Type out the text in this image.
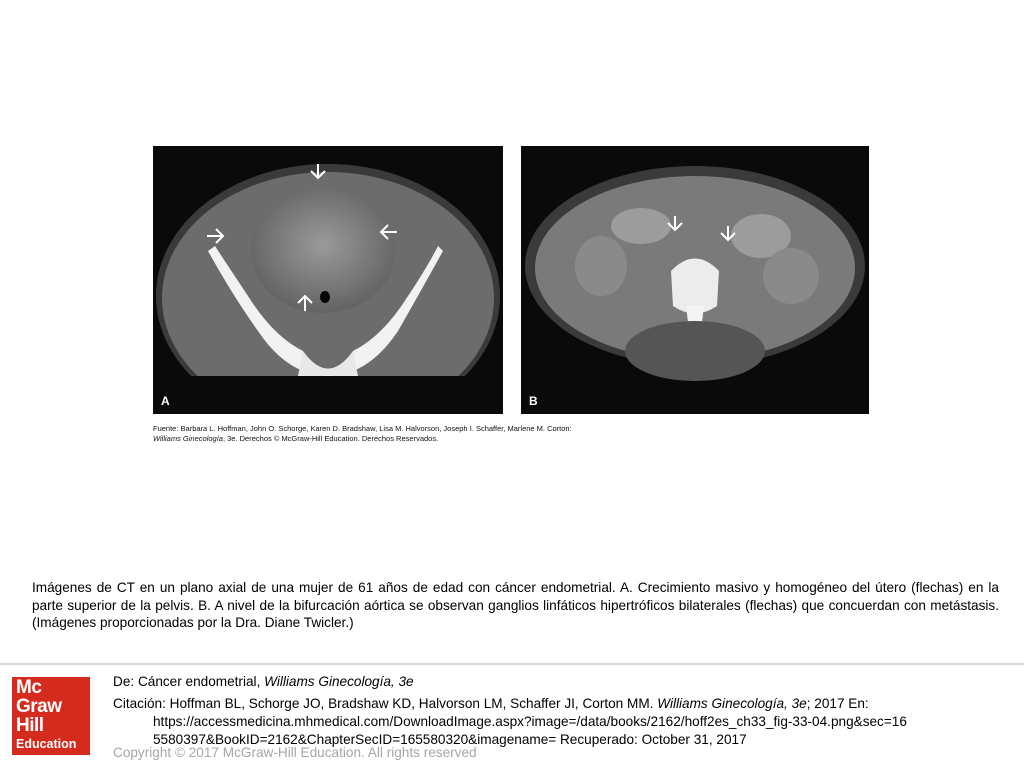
A	B
Fuente: Barbara L. Hoffman, John O. Schorge, Karen D. Bradshaw, Lisa M. Halvorson, Joseph I. Schaffer, Marlene M. Corton:
Williams Ginecología, 3e. Derechos © McGraw-Hill Education. Derechos Reservados.
Imágenes de CT en un plano axial de una mujer de 61 años de edad con cáncer endometrial. A. Crecimiento masivo y homogéneo del útero (flechas) en la parte superior de la pelvis. B. A nivel de la bifurcación aórtica se observan ganglios linfáticos hipertróficos bilaterales (flechas) que concuerdan con metástasis. (Imágenes proporcionadas por la Dra. Diane Twicler.)
Mc
Graw
Hill
Education
De: Cáncer endometrial, Williams Ginecología, 3e
Citación: Hoffman BL, Schorge JO, Bradshaw KD, Halvorson LM, Schaffer JI, Corton MM. Williams Ginecología, 3e; 2017 En:
https://accessmedicina.mhmedical.com/DownloadImage.aspx?image=/data/books/2162/hoff2es_ch33_fig-33-04.png&sec=165580397&BookID=2162&ChapterSecID=165580320&imagename= Recuperado: October 31, 2017
Copyright © 2017 McGraw-Hill Education. All rights reserved
